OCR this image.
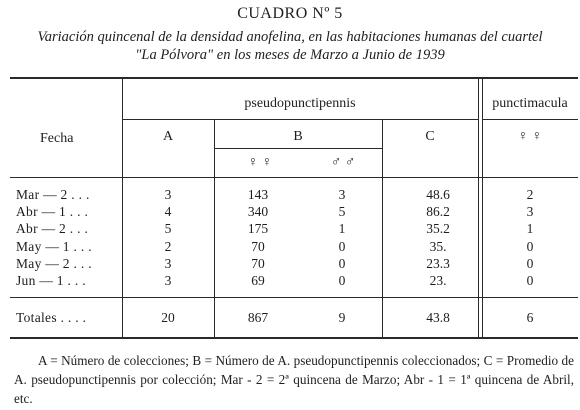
CUADRO Nº 5
Variación quincenal de la densidad anofelina, en las habitaciones humanas del cuartel
"La Pólvora" en los meses de Marzo a Junio de 1939
pseudopunctipennis	punctimacula
Fecha	A	B	C
♀ ♀	♂ ♂
♀ ♀
Mar — 2 . . .	3	143	3	48.6	2
Abr — 1 . . .	4	340	5	86.2	3
Abr — 2 . . .	5	175	1	35.2	1
May — 1 . . .	2	70	0	35.	0
May — 2 . . .	3	70	0	23.3	0
Jun — 1 . . .	3	69	0	23.	0
Totales . . . .	20	867	9	43.8	6
A = Número de colecciones; B = Número de A. pseudopunctipennis coleccionados; C = Promedio de A. pseudopunctipennis por colección; Mar - 2 = 2ª quincena de Marzo; Abr - 1 = 1ª quincena de Abril, etc.
